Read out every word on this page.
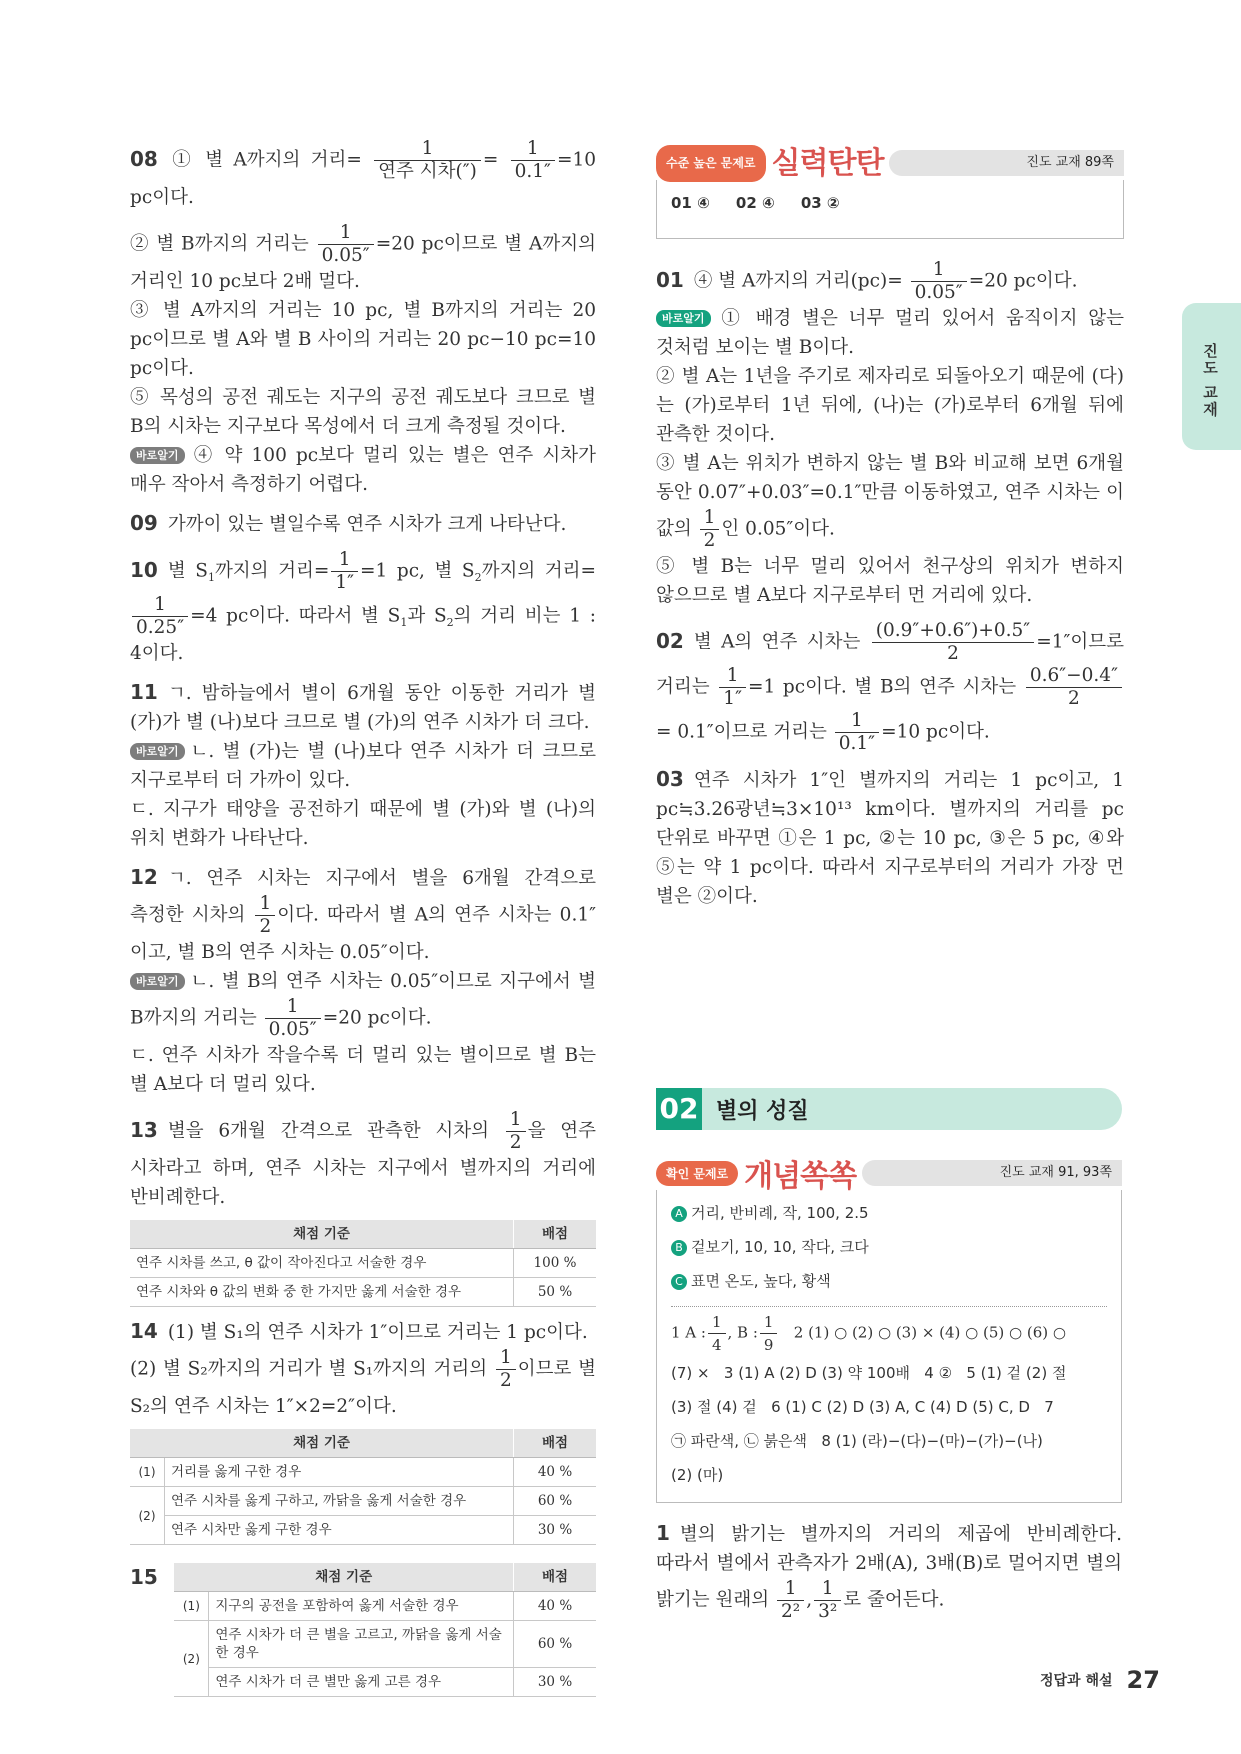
진도 교재

08 ① 별 A까지의 거리= $\frac{1}{\text{연주 시차(″)}} = \frac{1}{0.1''} =10$ pc이다.

② 별 B까지의 거리는 $\frac{1}{0.05''} =20$ pc이므로 별 A까지의 거리인 10 pc보다 2배 멀다.

③ 별 A까지의 거리는 10 pc, 별 B까지의 거리는 20 pc이므로 별 A와 별 B 사이의 거리는 20 pc−10 pc=10 pc이다.

⑤ 목성의 공전 궤도는 지구의 공전 궤도보다 크므로 별 B의 시차는 지구보다 목성에서 더 크게 측정될 것이다.

바로알기 ④ 약 100 pc보다 멀리 있는 별은 연주 시차가 매우 작아서 측정하기 어렵다.

09 가까이 있는 별일수록 연주 시차가 크게 나타난다.

10 별 $S_1$까지의 거리= $\frac{1}{1''} =1$ pc, 별 $S_2$까지의 거리=
$\frac{1}{0.25''} =4$ pc이다. 따라서 별 $S_1$과 $S_2$의 거리 비는 1 : 4이다.

11 ㄱ. 밤하늘에서 별이 6개월 동안 이동한 거리가 별 (가)가 별 (나)보다 크므로 별 (가)의 연주 시차가 더 크다.

바로알기 ㄴ. 별 (가)는 별 (나)보다 연주 시차가 더 크므로 지구로부터 더 가까이 있다.

ㄷ. 지구가 태양을 공전하기 때문에 별 (가)와 별 (나)의 위치 변화가 나타난다.

12 ㄱ. 연주 시차는 지구에서 별을 6개월 간격으로 측정한 시차의 $\frac{1}{2}$ 이다. 따라서 별 A의 연주 시차는 0.1″이고, 별 B의 연주 시차는 0.05″이다.

바로알기 ㄴ. 별 B의 연주 시차는 0.05″이므로 지구에서 별 B까지의 거리는 $\frac{1}{0.05''} =20$ pc이다.

ㄷ. 연주 시차가 작을수록 더 멀리 있는 별이므로 별 B는 별 A보다 더 멀리 있다.

13 별을 6개월 간격으로 관측한 시차의 $\frac{1}{2}$ 을 연주 시차라고 하며, 연주 시차는 지구에서 별까지의 거리에 반비례한다.

채점 기준	배점
연주 시차를 쓰고, θ 값이 작아진다고 서술한 경우	100 %
연주 시차와 θ 값의 변화 중 한 가지만 옳게 서술한 경우	50 %

14 (1) 별 S₁의 연주 시차가 1″이므로 거리는 1 pc이다.

(2) 별 S₂까지의 거리가 별 S₁까지의 거리의 $\frac{1}{2}$ 이므로 별 S₂의 연주 시차는 1″×2=2″이다.

채점 기준		배점
(1)	거리를 옳게 구한 경우	40 %
(2)	연주 시차를 옳게 구하고, 까닭을 옳게 서술한 경우	60 %
	연주 시차만 옳게 구한 경우	30 %
15	채점 기준		배점
(1)	지구의 공전을 포함하여 옳게 서술한 경우	40 %
(2)	연주 시차가 더 큰 별을 고르고, 까닭을 옳게 서술한 경우	60 %
	연주 시차가 더 큰 별만 옳게 고른 경우	30 %
수준 높은 문제로 실력탄탄	진도 교재 89쪽
01 ④     02 ④     03 ②

01 ④ 별 A까지의 거리$(pc)= \frac{1}{0.05''} =20$ pc이다.

바로알기 ① 배경 별은 너무 멀리 있어서 움직이지 않는 것처럼 보이는 별 B이다.

② 별 A는 1년을 주기로 제자리로 되돌아오기 때문에 (다)는 (가)로부터 1년 뒤에, (나)는 (가)로부터 6개월 뒤에 관측한 것이다.

③ 별 A는 위치가 변하지 않는 별 B와 비교해 보면 6개월 동안 0.07″+0.03″=0.1″만큼 이동하였고, 연주 시차는 이 값의 $\frac{1}{2}$ 인 0.05″이다.

⑤ 별 B는 너무 멀리 있어서 천구상의 위치가 변하지 않으므로 별 A보다 지구로부터 먼 거리에 있다.

02 별 A의 연주 시차는 $\frac{(0.9''+0.6'')+0.5''}{2} =1''$이므로 거리는 $\frac{1}{1''} =1$ pc이다. 별 B의 연주 시차는 $\frac{0.6''-0.4''}{2}$
= 0.1″이므로 거리는 $\frac{1}{0.1''} =10$ pc이다.

03 연주 시차가 1″인 별까지의 거리는 1 pc이고, 1 pc≒3.26광년≒3×10¹³ km이다. 별까지의 거리를 pc 단위로 바꾸면 ①은 1 pc, ②는 10 pc, ③은 5 pc, ④와 ⑤는 약 1 pc이다. 따라서 지구로부터의 거리가 가장 먼 별은 ②이다.

02 별의 성질
확인 문제로 개념쏙쏙	진도 교재 91, 93쪽
A 거리, 반비례, 작, 100, 2.5
B 겉보기, 10, 10, 작다, 크다
C 표면 온도, 높다, 황색
1 A : $\frac{1}{4}$ , B : $\frac{1}{9} 2$ (1) ○ (2) ○ (3) × (4) ○ (5) ○ (6) ○
(7) ×   3 (1) A (2) D (3) 약 100배   4 ②   5 (1) 겉 (2) 절
(3) 절 (4) 겉   6 (1) C (2) D (3) A, C (4) D (5) C, D   7
㉠ 파란색, ㉡ 붉은색   8 (1) (라)−(다)−(마)−(가)−(나)
(2) (마)

1 별의 밝기는 별까지의 거리의 제곱에 반비례한다. 따라서 별에서 관측자가 2배(A), 3배(B)로 멀어지면 별의 밝기는 원래의 $\frac{1}{\text{2²}}$ , $\frac{1}{\text{3²}}$ 로 줄어든다.

정답과 해설 27
